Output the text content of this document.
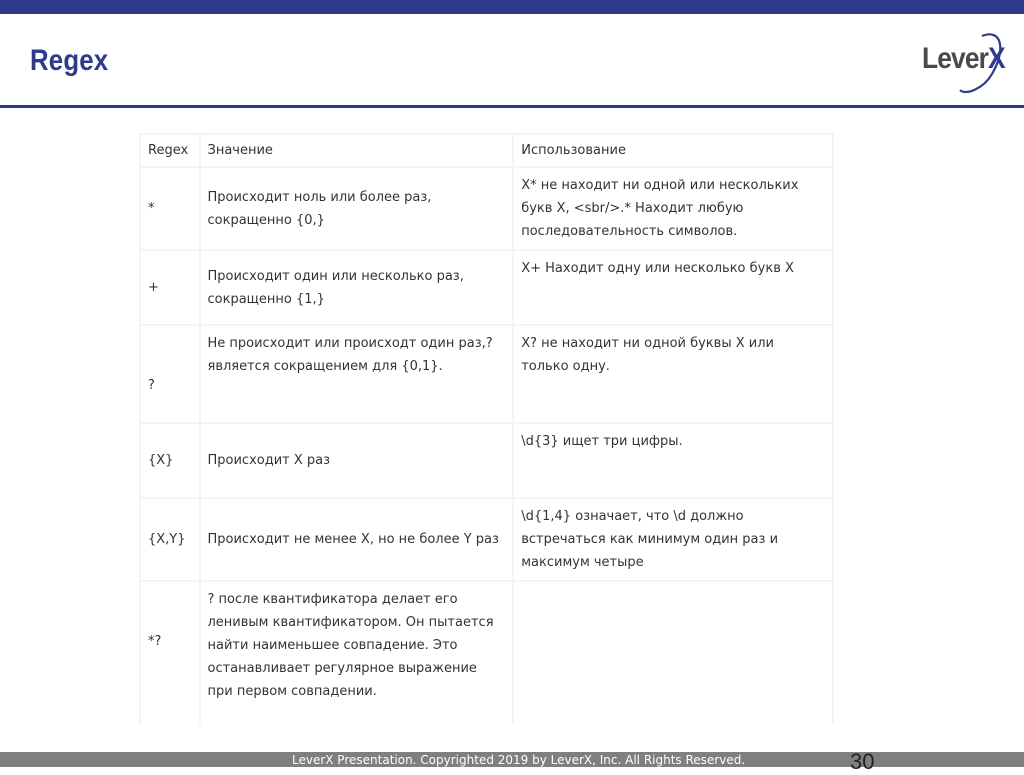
Regex	LeverX
Regex	Значение	Использование
*	Происходит ноль или более раз, сокращенно {0,}	X* не находит ни одной или нескольких букв X, <sbr/>.* Находит любую последовательность символов.
+	Происходит один или несколько раз, сокращенно {1,}	X+ Находит одну или несколько букв X
?	Не происходит или происходт один раз,? является сокращением для {0,1}.	X? не находит ни одной буквы X или только одну.
{X}	Происходит X раз	\d{3} ищет три цифры.
{X,Y}	Происходит не менее X, но не более Y раз	\d{1,4} означает, что \d должно встречаться как минимум один раз и максимум четыре
*?	? после квантификатора делает его ленивым квантификатором. Он пытается найти наименьшее совпадение. Это останавливает регулярное выражение при первом совпадении.	
LeverX Presentation. Copyrighted 2019 by LeverX, Inc. All Rights Reserved.	30
